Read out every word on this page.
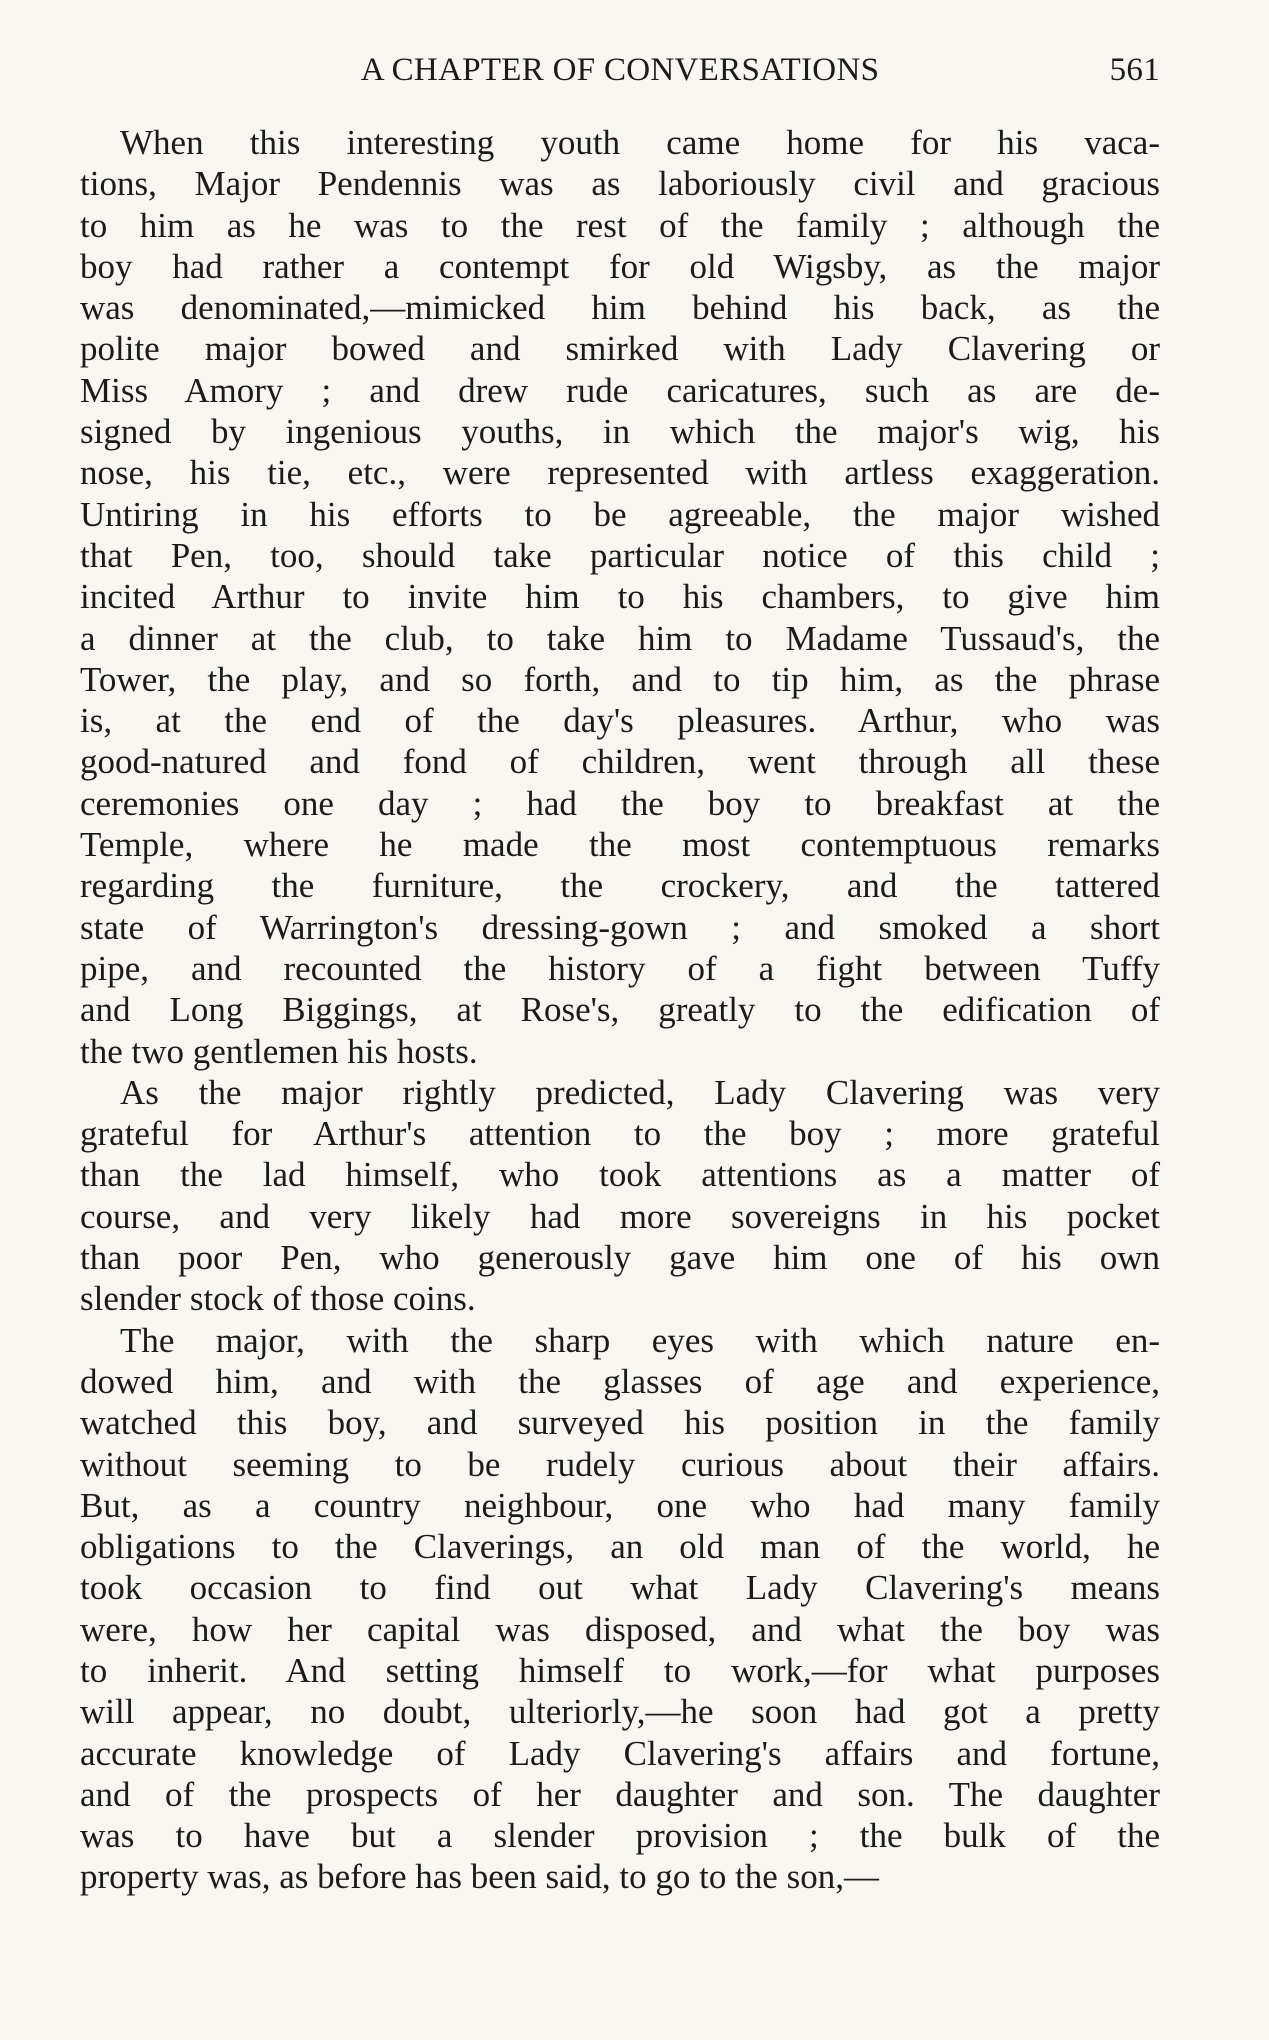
A CHAPTER OF CONVERSATIONS	561

When this interesting youth came home for his vaca-
tions, Major Pendennis was as laboriously civil and gracious
to him as he was to the rest of the family ; although the
boy had rather a contempt for old Wigsby, as the major
was denominated,—mimicked him behind his back, as the
polite major bowed and smirked with Lady Clavering or
Miss Amory ; and drew rude caricatures, such as are de-
signed by ingenious youths, in which the major's wig, his
nose, his tie, etc., were represented with artless exaggeration.
Untiring in his efforts to be agreeable, the major wished
that Pen, too, should take particular notice of this child ;
incited Arthur to invite him to his chambers, to give him
a dinner at the club, to take him to Madame Tussaud's, the
Tower, the play, and so forth, and to tip him, as the phrase
is, at the end of the day's pleasures. Arthur, who was
good-natured and fond of children, went through all these
ceremonies one day ; had the boy to breakfast at the
Temple, where he made the most contemptuous remarks
regarding the furniture, the crockery, and the tattered
state of Warrington's dressing-gown ; and smoked a short
pipe, and recounted the history of a fight between Tuffy
and Long Biggings, at Rose's, greatly to the edification of
the two gentlemen his hosts.

As the major rightly predicted, Lady Clavering was very
grateful for Arthur's attention to the boy ; more grateful
than the lad himself, who took attentions as a matter of
course, and very likely had more sovereigns in his pocket
than poor Pen, who generously gave him one of his own
slender stock of those coins.

The major, with the sharp eyes with which nature en-
dowed him, and with the glasses of age and experience,
watched this boy, and surveyed his position in the family
without seeming to be rudely curious about their affairs.
But, as a country neighbour, one who had many family
obligations to the Claverings, an old man of the world, he
took occasion to find out what Lady Clavering's means
were, how her capital was disposed, and what the boy was
to inherit. And setting himself to work,—for what purposes
will appear, no doubt, ulteriorly,—he soon had got a pretty
accurate knowledge of Lady Clavering's affairs and fortune,
and of the prospects of her daughter and son. The daughter
was to have but a slender provision ; the bulk of the
property was, as before has been said, to go to the son,—
